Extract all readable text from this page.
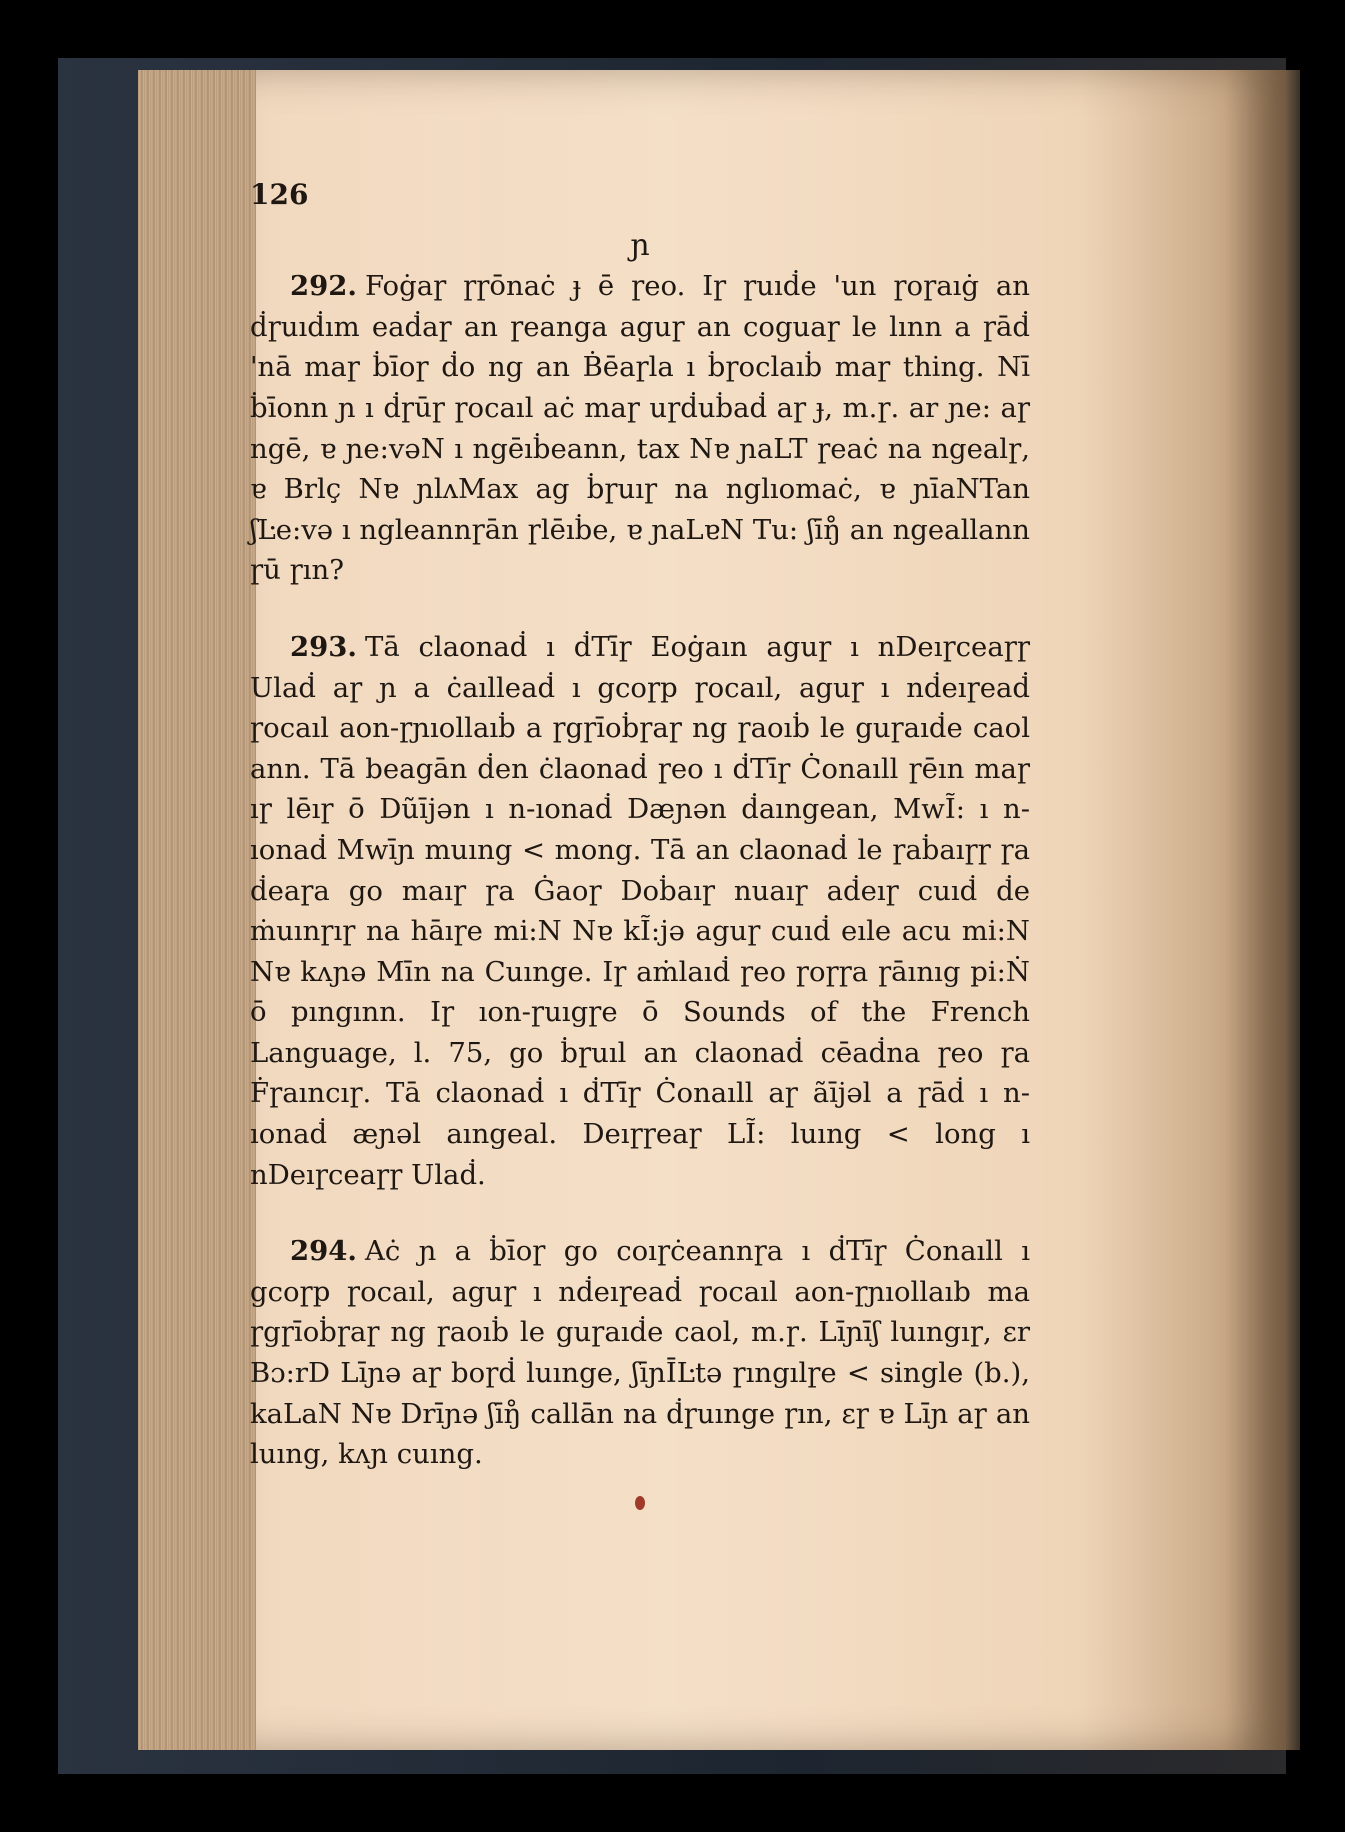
126
ɲ

292. Foġaɼ ɼɼōnaċ ɟ ē ɼeo. Iɼ ɼuıḋe 'un ɼoɼaıġ an ḋɼuıḋım eaḋaɼ an ɼeanga aguɼ an coguaɼ le lınn a ɼāḋ 'nā maɼ ḃīoɼ ḋo ng an Ḃēaɼla ı ḃɼoclaıḃ maɼ thing. Nī ḃīonn ɲ ı ḋɼūɼ ɼocaıl aċ maɼ uɼḋuḃaḋ aɼ ɟ, m.ɼ. ar ɲe: aɼ ngē, ɐ ɲe:vəN ı ngēıḃeann, tax Nɐ ɲaLT ɼeaċ na ngealɼ, ɐ Brlç Nɐ ɲlʌMax ag ḃɼuıɼ na nglıomaċ, ɐ ɲīaNTan ʃĿe:və ı ngleannɼān ɼlēıḃe, ɐ ɲaLɐN Tu: ʃīŋ̊ an ngeallann ɼū ɼın?

293. Tā claonaḋ ı ḋTīɼ Eoġaın aguɼ ı nDeıɼceaɼɼ Ulaḋ aɼ ɲ a ċaılleaḋ ı gcoɼp ɼocaıl, aguɼ ı nḋeıɼeaḋ ɼocaıl aon-ɼɲıollaıḃ a ɼgɼīoḃɼaɼ ng ɼaoıḃ le guɼaıḋe caol ann. Tā beagān ḋen ċlaonaḋ ɼeo ı ḋTīɼ Ċonaıll ɼēın maɼ ıɼ lēıɼ ō Dũījən ı n-ıonaḋ Dæɲən ḋaıngean, MwĨ: ı n-ıonaḋ Mwīɲ muıng < mong. Tā an claonaḋ le ɼaḃaıɼɼ ɼa ḋeaɼa go maıɼ ɼa Ġaoɼ Doḃaıɼ nuaıɼ aḋeıɼ cuıḋ ḋe ṁuınɼıɼ na hāıɼe mi:N Nɐ kĨ:jə aguɼ cuıḋ eıle acu mi:N Nɐ kʌɲə Mīn na Cuınge. Iɼ aṁlaıḋ ɼeo ɼoɼɼa ɼāınıg pi:Ṅ ō pıngınn. Iɼ ıon-ɼuıgɼe ō Sounds of the French Language, l. 75, go ḃɼuıl an claonaḋ cēaḋna ɼeo ɼa Ḟɼaıncıɼ. Tā claonaḋ ı ḋTīɼ Ċonaıll aɼ ãījəl a ɼāḋ ı n-ıonaḋ æɲəl aıngeal. Deıɼɼeaɼ LĨ: luıng < long ı nDeıɼceaɼɼ Ulaḋ.

294. Aċ ɲ a ḃīoɼ go coıɼċeannɼa ı ḋTīɼ Ċonaıll ı gcoɼp ɼocaıl, aguɼ ı nḋeıɼeaḋ ɼocaıl aon-ɼɲıollaıb ma ɼgɼīoḃɼaɼ ng ɼaoıḃ le guɼaıḋe caol, m.ɼ. Līɲīʃ luıngıɼ, ɛr Bɔ:rD Līɲə aɼ boɼḋ luınge, ʃīɲĪĿtə ɼıngılɼe < single (b.), kaLaN Nɐ Drīɲə ʃīŋ̊ callān na ḋɼuınge ɼın, ɛɼ ɐ Līɲ aɼ an luıng, kʌɲ cuıng.
